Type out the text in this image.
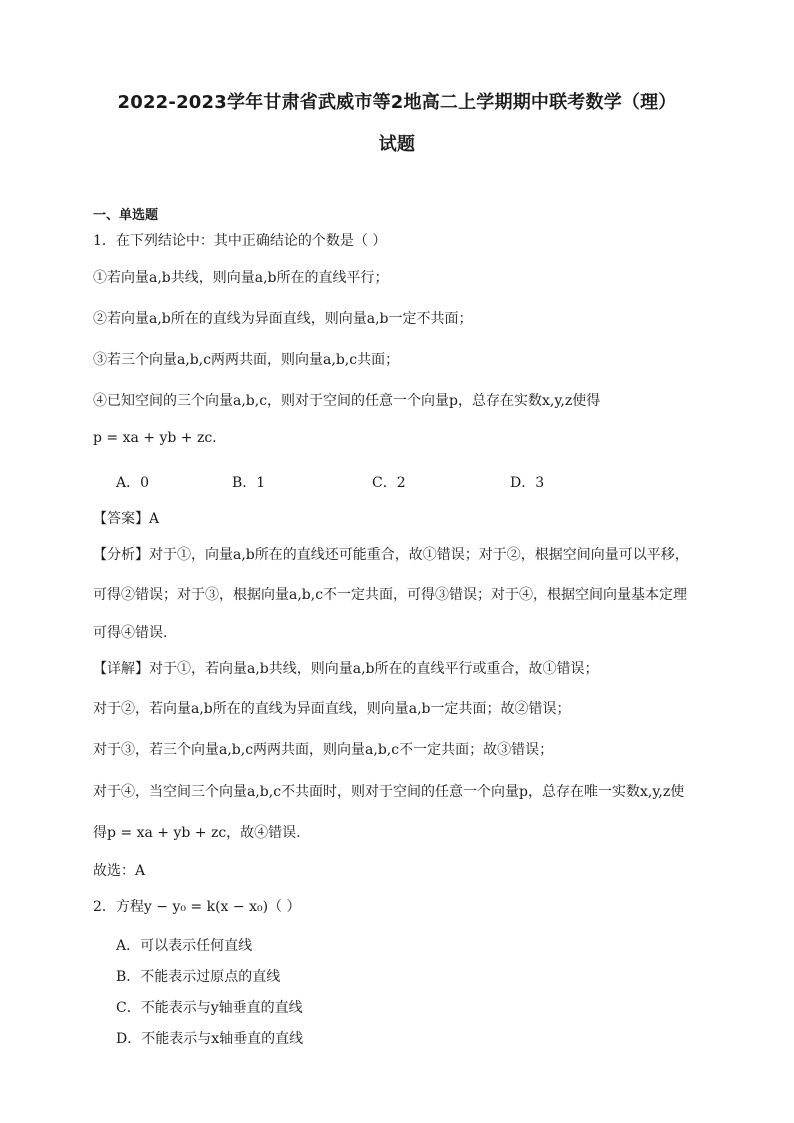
2022-2023学年甘肃省武威市等2地高二上学期期中联考数学（理）
试题
一、单选题
1．在下列结论中：其中正确结论的个数是（ ）
①若向量a,b共线，则向量a,b所在的直线平行；
②若向量a,b所在的直线为异面直线，则向量a,b一定不共面；
③若三个向量a,b,c两两共面，则向量a,b,c共面；
④已知空间的三个向量a,b,c，则对于空间的任意一个向量p，总存在实数x,y,z使得
p = xa + yb + zc.
A．0	B．1	C．2	D．3
【答案】A
【分析】对于①，向量a,b所在的直线还可能重合，故①错误；对于②，根据空间向量可以平移，
可得②错误；对于③，根据向量a,b,c不一定共面，可得③错误；对于④，根据空间向量基本定理
可得④错误.
【详解】对于①，若向量a,b共线，则向量a,b所在的直线平行或重合，故①错误；
对于②，若向量a,b所在的直线为异面直线，则向量a,b一定共面；故②错误；
对于③，若三个向量a,b,c两两共面，则向量a,b,c不一定共面；故③错误；
对于④，当空间三个向量a,b,c不共面时，则对于空间的任意一个向量p，总存在唯一实数x,y,z使
得p = xa + yb + zc，故④错误.
故选：A
2．方程y − y₀ = k(x − x₀)（ ）
A．可以表示任何直线
B．不能表示过原点的直线
C．不能表示与y轴垂直的直线
D．不能表示与x轴垂直的直线
